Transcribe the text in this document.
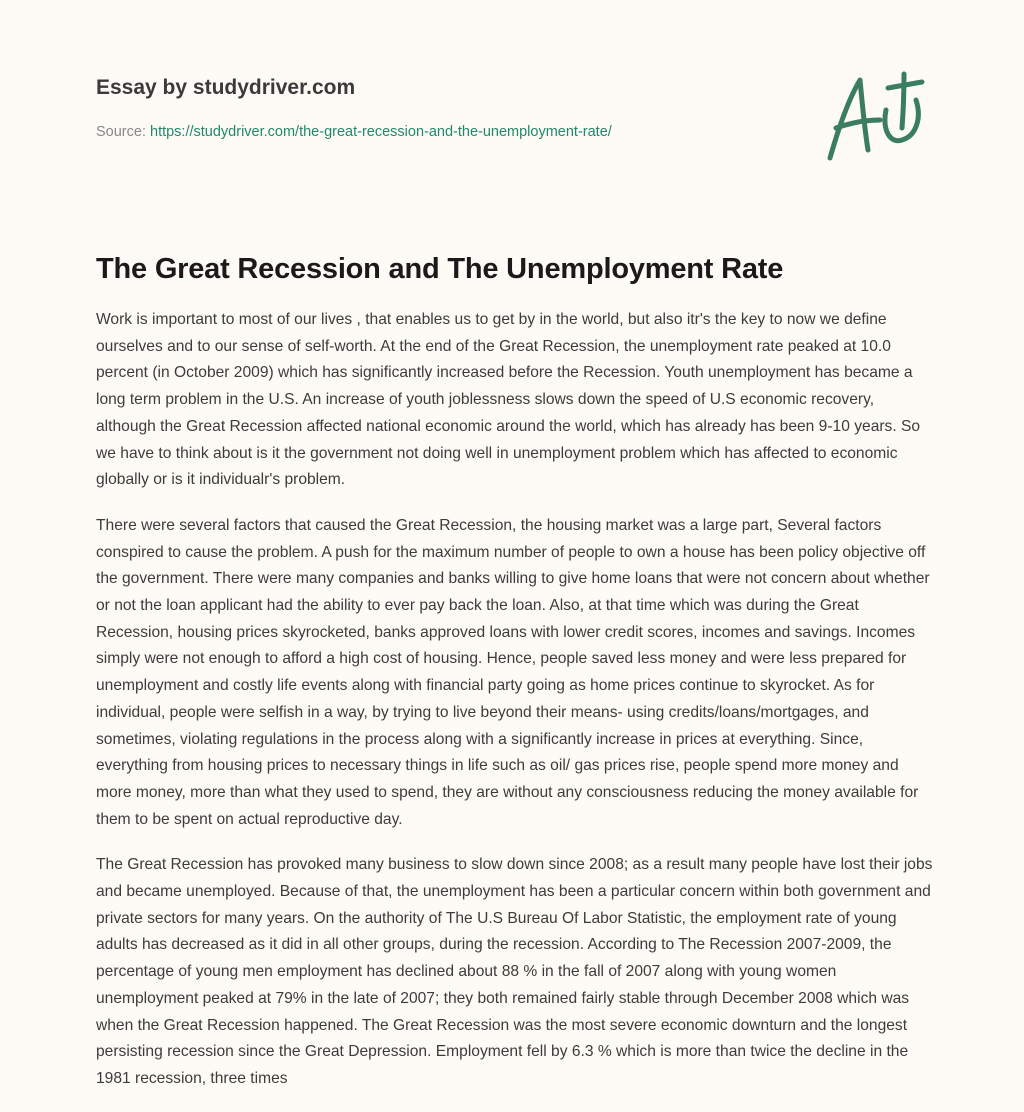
Essay by studydriver.com
Source: https://studydriver.com/the-great-recession-and-the-unemployment-rate/
The Great Recession and The Unemployment Rate

Work is important to most of our lives , that enables us to get by in the world, but also itr's the key to now we define ourselves and to our sense of self-worth. At the end of the Great Recession, the unemployment rate peaked at 10.0 percent (in October 2009) which has significantly increased before the Recession. Youth unemployment has became a long term problem in the U.S. An increase of youth joblessness slows down the speed of U.S economic recovery, although the Great Recession affected national economic around the world, which has already has been 9-10 years. So we have to think about is it the government not doing well in unemployment problem which has affected to economic globally or is it individualr's problem.

There were several factors that caused the Great Recession, the housing market was a large part, Several factors conspired to cause the problem. A push for the maximum number of people to own a house has been policy objective off the government. There were many companies and banks willing to give home loans that were not concern about whether or not the loan applicant had the ability to ever pay back the loan. Also, at that time which was during the Great Recession, housing prices skyrocketed, banks approved loans with lower credit scores, incomes and savings. Incomes simply were not enough to afford a high cost of housing. Hence, people saved less money and were less prepared for unemployment and costly life events along with financial party going as home prices continue to skyrocket. As for individual, people were selfish in a way, by trying to live beyond their means- using credits/loans/mortgages, and sometimes, violating regulations in the process along with a significantly increase in prices at everything. Since, everything from housing prices to necessary things in life such as oil/ gas prices rise, people spend more money and more money, more than what they used to spend, they are without any consciousness reducing the money available for them to be spent on actual reproductive day.

The Great Recession has provoked many business to slow down since 2008; as a result many people have lost their jobs and became unemployed. Because of that, the unemployment has been a particular concern within both government and private sectors for many years. On the authority of The U.S Bureau Of Labor Statistic, the employment rate of young adults has decreased as it did in all other groups, during the recession. According to The Recession 2007-2009, the percentage of young men employment has declined about 88 % in the fall of 2007 along with young women unemployment peaked at 79% in the late of 2007; they both remained fairly stable through December 2008 which was when the Great Recession happened. The Great Recession was the most severe economic downturn and the longest persisting recession since the Great Depression. Employment fell by 6.3 % which is more than twice the decline in the 1981 recession, three times
